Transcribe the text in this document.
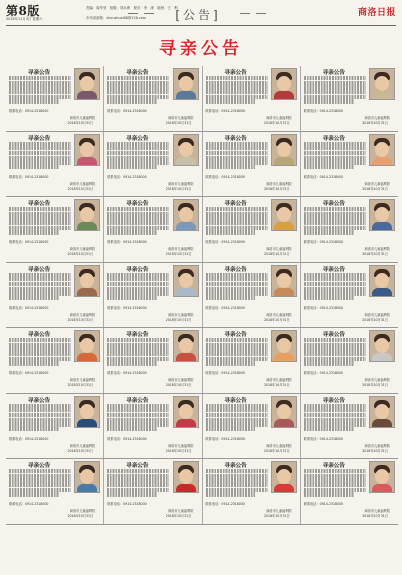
第8版
2018年11月3日 星期六
责编：周华莹　组版：刘永珍　校对：李　涛　值班：王　利
市场部邮箱：zhoushuai88@126.com	[公告]	商洛日报
寻亲公告
寻亲公告
联系电话：0914-2318000
商洛市儿童福利院
2018年10月31日
寻亲公告
联系电话：0914-2318000
商洛市儿童福利院
2018年10月31日
寻亲公告
联系电话：0914-2318000
商洛市儿童福利院
2018年10月31日
寻亲公告
联系电话：0914-2318000
商洛市儿童福利院
2018年10月31日
寻亲公告
联系电话：0914-2318000
商洛市儿童福利院
2018年10月31日
寻亲公告
联系电话：0914-2318000
商洛市儿童福利院
2018年10月31日
寻亲公告
联系电话：0914-2318000
商洛市儿童福利院
2018年10月31日
寻亲公告
联系电话：0914-2318000
商洛市儿童福利院
2018年10月31日
寻亲公告
联系电话：0914-2318000
商洛市儿童福利院
2018年10月31日
寻亲公告
联系电话：0914-2318000
商洛市儿童福利院
2018年10月31日
寻亲公告
联系电话：0914-2318000
商洛市儿童福利院
2018年10月31日
寻亲公告
联系电话：0914-2318000
商洛市儿童福利院
2018年10月31日
寻亲公告
联系电话：0914-2318000
商洛市儿童福利院
2018年10月31日
寻亲公告
联系电话：0914-2318000
商洛市儿童福利院
2018年10月31日
寻亲公告
联系电话：0914-2318000
商洛市儿童福利院
2018年10月31日
寻亲公告
联系电话：0914-2318000
商洛市儿童福利院
2018年10月31日
寻亲公告
联系电话：0914-2318000
商洛市儿童福利院
2018年10月31日
寻亲公告
联系电话：0914-2318000
商洛市儿童福利院
2018年10月31日
寻亲公告
联系电话：0914-2318000
商洛市儿童福利院
2018年10月31日
寻亲公告
联系电话：0914-2318000
商洛市儿童福利院
2018年10月31日
寻亲公告
联系电话：0914-2318000
商洛市儿童福利院
2018年10月31日
寻亲公告
联系电话：0914-2318000
商洛市儿童福利院
2018年10月31日
寻亲公告
联系电话：0914-2318000
商洛市儿童福利院
2018年10月31日
寻亲公告
联系电话：0914-2318000
商洛市儿童福利院
2018年10月31日
寻亲公告
联系电话：0914-2318000
商洛市儿童福利院
2018年10月31日
寻亲公告
联系电话：0914-2318000
商洛市儿童福利院
2018年10月31日
寻亲公告
联系电话：0914-2318000
商洛市儿童福利院
2018年10月31日
寻亲公告
联系电话：0914-2318000
商洛市儿童福利院
2018年10月31日
